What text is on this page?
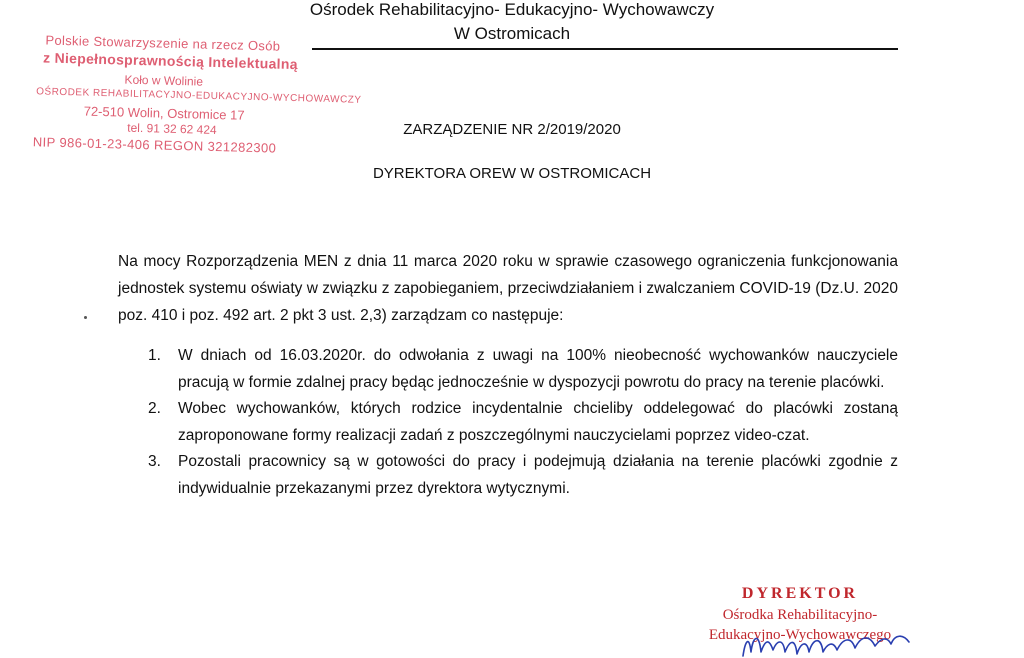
Ośrodek Rehabilitacyjno- Edukacyjno- Wychowawczy
W Ostromicach
Polskie Stowarzyszenie na rzecz Osób
z Niepełnosprawnością Intelektualną
Koło w Wolinie
OŚRODEK REHABILITACYJNO-EDUKACYJNO-WYCHOWAWCZY
72-510 Wolin, Ostromice 17
tel. 91 32 62 424
NIP 986-01-23-406 REGON 321282300
ZARZĄDZENIE NR 2/2019/2020
DYREKTORA OREW W OSTROMICACH
Na mocy Rozporządzenia MEN z dnia 11 marca 2020 roku w sprawie czasowego ograniczenia funkcjonowania jednostek systemu oświaty w związku z zapobieganiem, przeciwdziałaniem i zwalczaniem COVID-19 (Dz.U. 2020 poz. 410 i poz. 492 art. 2 pkt 3 ust. 2,3) zarządzam co następuje:
1. W dniach od 16.03.2020r. do odwołania z uwagi na 100% nieobecność wychowanków nauczyciele pracują w formie zdalnej pracy będąc jednocześnie w dyspozycji powrotu do pracy na terenie placówki.
2. Wobec wychowanków, których rodzice incydentalnie chcieliby oddelegować do placówki zostaną zaproponowane formy realizacji zadań z poszczególnymi nauczycielami poprzez video-czat.
3. Pozostali pracownicy są w gotowości do pracy i podejmują działania na terenie placówki zgodnie z indywidualnie przekazanymi przez dyrektora wytycznymi.
DYREKTOR
Ośrodka Rehabilitacyjno-
Edukacyjno-Wychowawczego
